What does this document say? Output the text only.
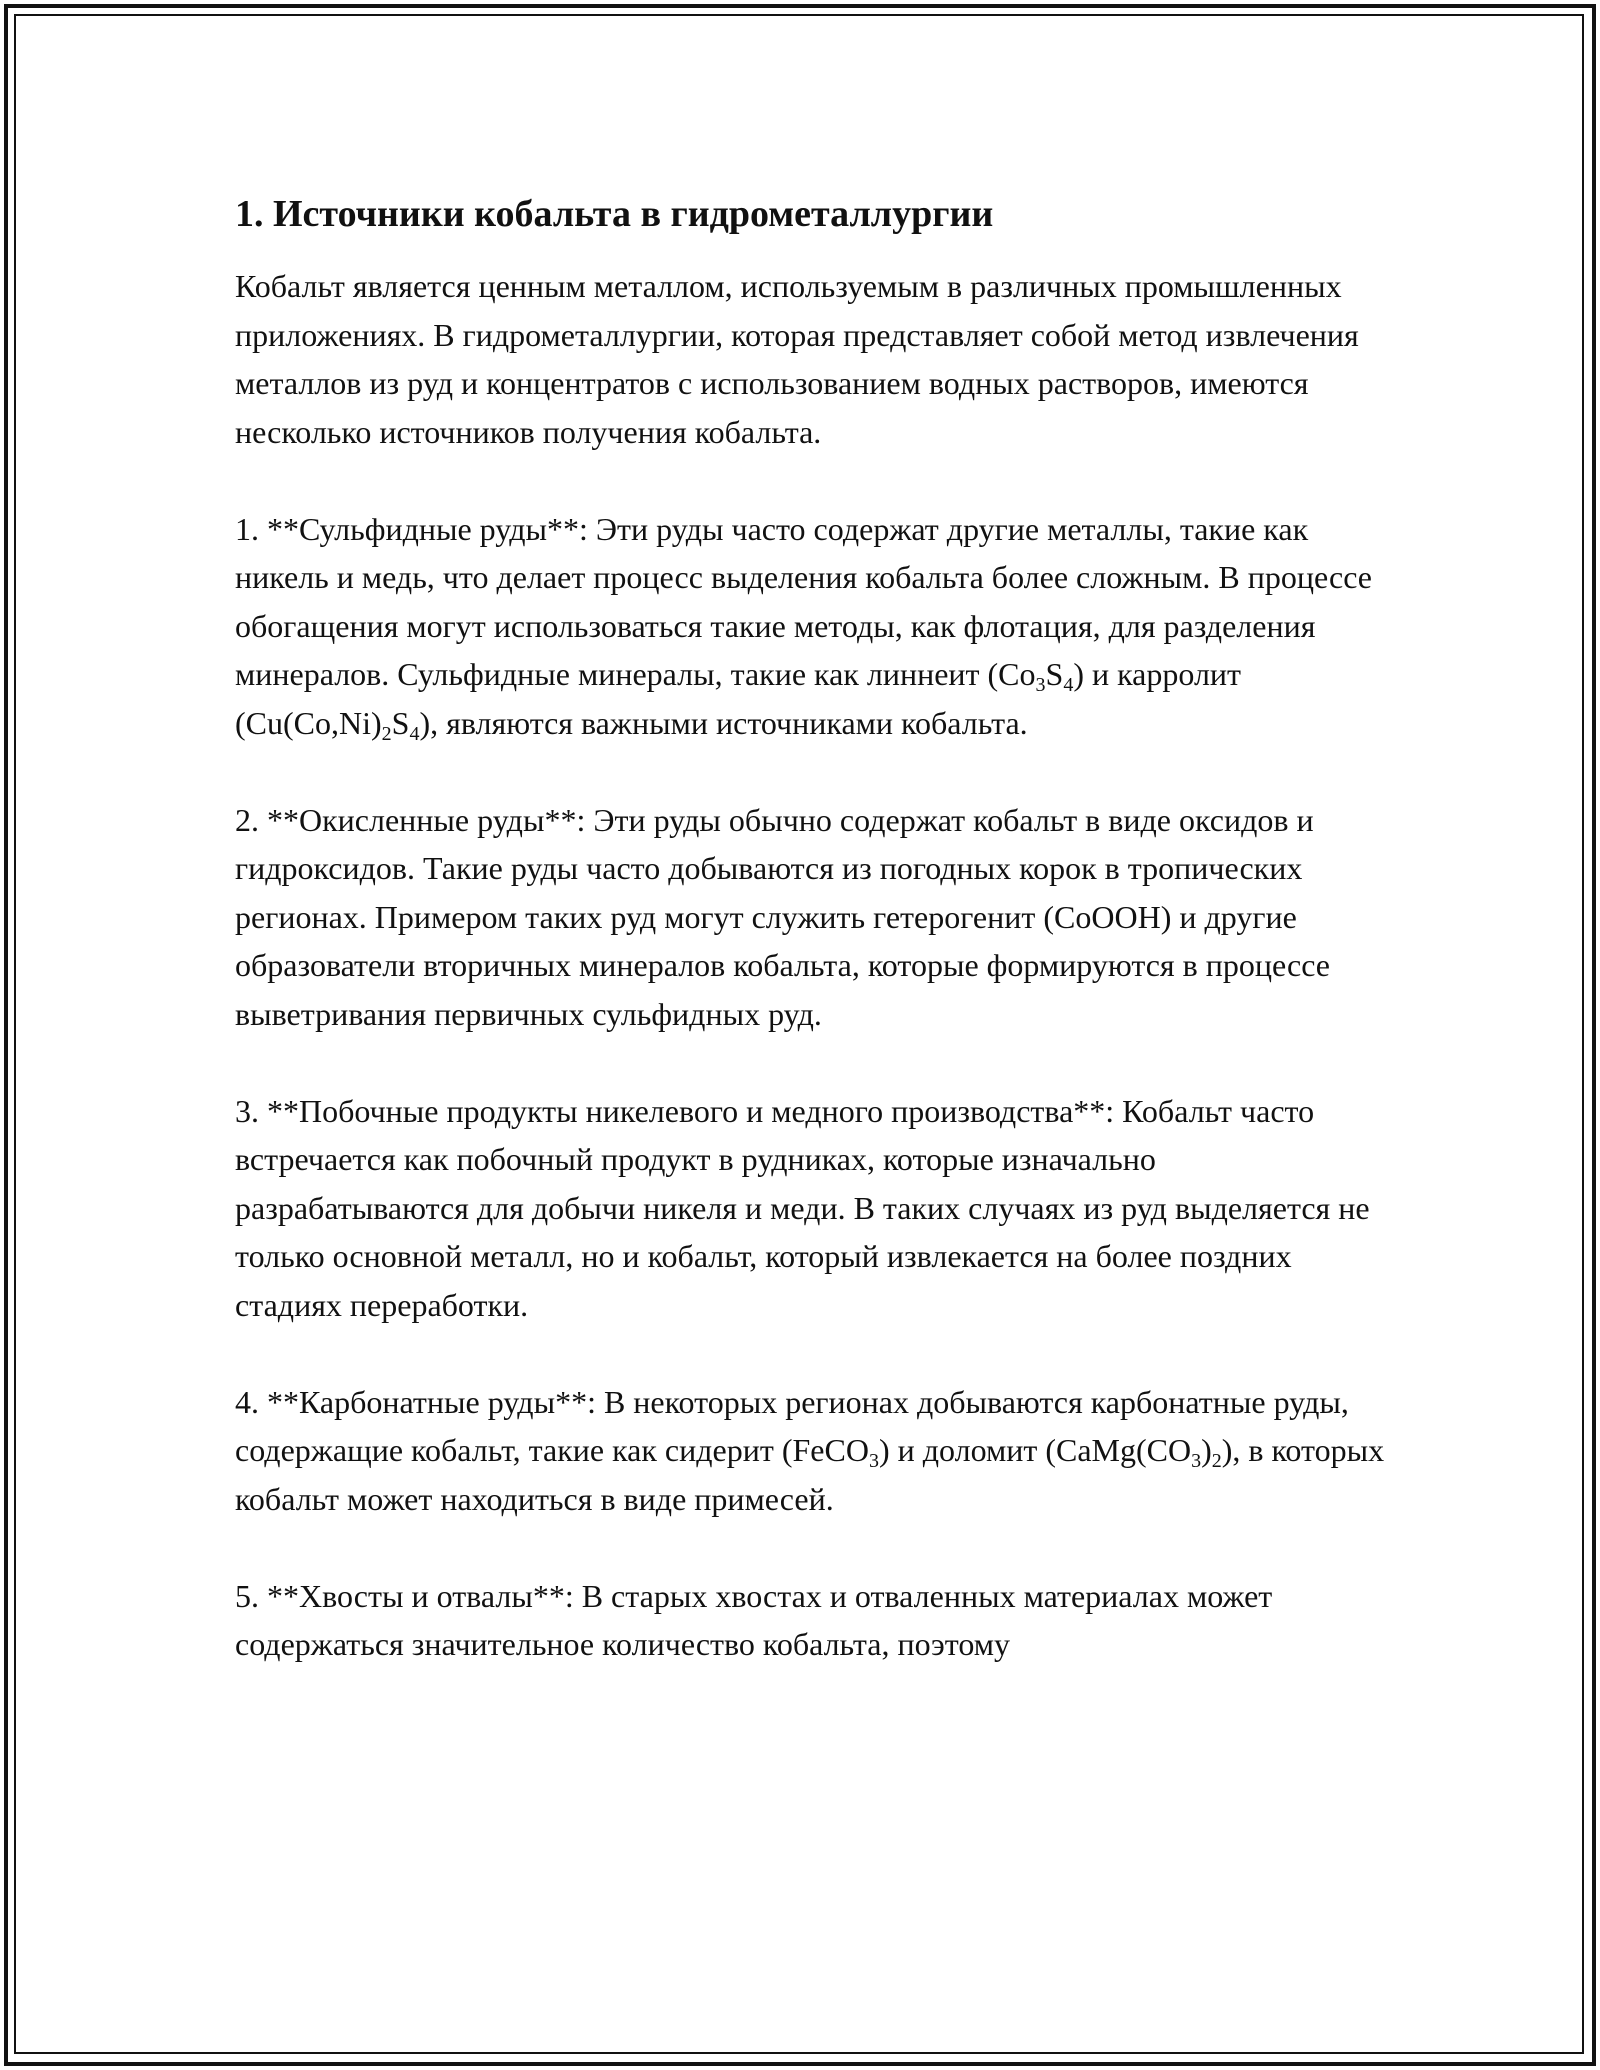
1. Источники кобальта в гидрометаллургии

Кобальт является ценным металлом, используемым в различных промышленных приложениях. В гидрометаллургии, которая представляет собой метод извлечения металлов из руд и концентратов с использованием водных растворов, имеются несколько источников получения кобальта.

1. **Сульфидные руды**: Эти руды часто содержат другие металлы, такие как никель и медь, что делает процесс выделения кобальта более сложным. В процессе обогащения могут использоваться такие методы, как флотация, для разделения минералов. Сульфидные минералы, такие как линнеит $(Co_3S_4)$ и карролит $(Cu(Co,Ni)_2S_4)$, являются важными источниками кобальта.

2. **Окисленные руды**: Эти руды обычно содержат кобальт в виде оксидов и гидроксидов. Такие руды часто добываются из погодных корок в тропических регионах. Примером таких руд могут служить гетерогенит (CoOOH) и другие образователи вторичных минералов кобальта, которые формируются в процессе выветривания первичных сульфидных руд.

3. **Побочные продукты никелевого и медного производства**: Кобальт часто встречается как побочный продукт в рудниках, которые изначально разрабатываются для добычи никеля и меди. В таких случаях из руд выделяется не только основной металл, но и кобальт, который извлекается на более поздних стадиях переработки.

4. **Карбонатные руды**: В некоторых регионах добываются карбонатные руды, содержащие кобальт, такие как сидерит (FeCO$_3$) и доломит $(CaMg(CO_3)_2)$, в которых кобальт может находиться в виде примесей.

5. **Хвосты и отвалы**: В старых хвостах и отваленных материалах может содержаться значительное количество кобальта, поэтому
